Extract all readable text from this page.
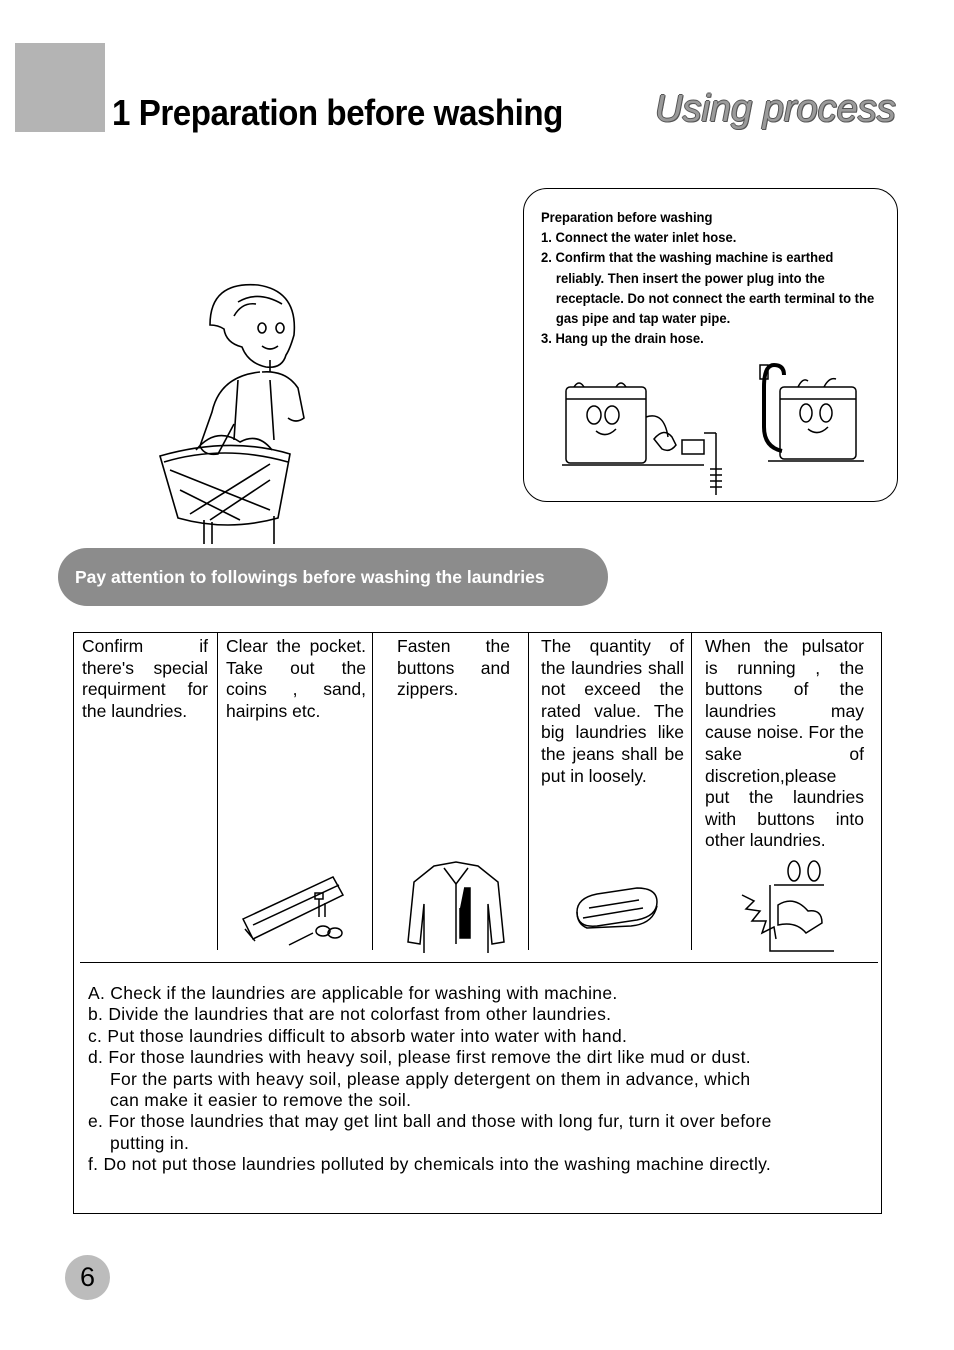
1 Preparation before washing Using process
Preparation before washing
1. Connect the water inlet hose.
2. Confirm that the washing machine is earthed reliably. Then insert the power plug into the receptacle. Do not connect the earth terminal to the gas pipe and tap water pipe.
3. Hang up the drain hose.
Pay attention to followings before washing the laundries
Confirm if there's special requirment for the laundries.
Clear the pocket. Take out the coins , sand, hairpins etc.
Fasten the buttons and zippers.
The quantity of the laundries shall not exceed the rated value. The big laundries like the jeans shall be put in loosely.
When the pulsator is running , the buttons of the laundries may cause noise. For the sake of discretion,please put the laundries with buttons into other laundries.
A. Check if the laundries are applicable for washing with machine.
b. Divide the laundries that are not colorfast from other laundries.
c. Put those laundries difficult to absorb water into water with hand.
d. For those laundries with heavy soil, please first remove the dirt like mud or dust.
For the parts with heavy soil, please apply detergent on them in advance, which
can make it easier to remove the soil.
e. For those laundries that may get lint ball and those with long fur, turn it over before
putting in.
f. Do not put those laundries polluted by chemicals into the washing machine directly.
6
